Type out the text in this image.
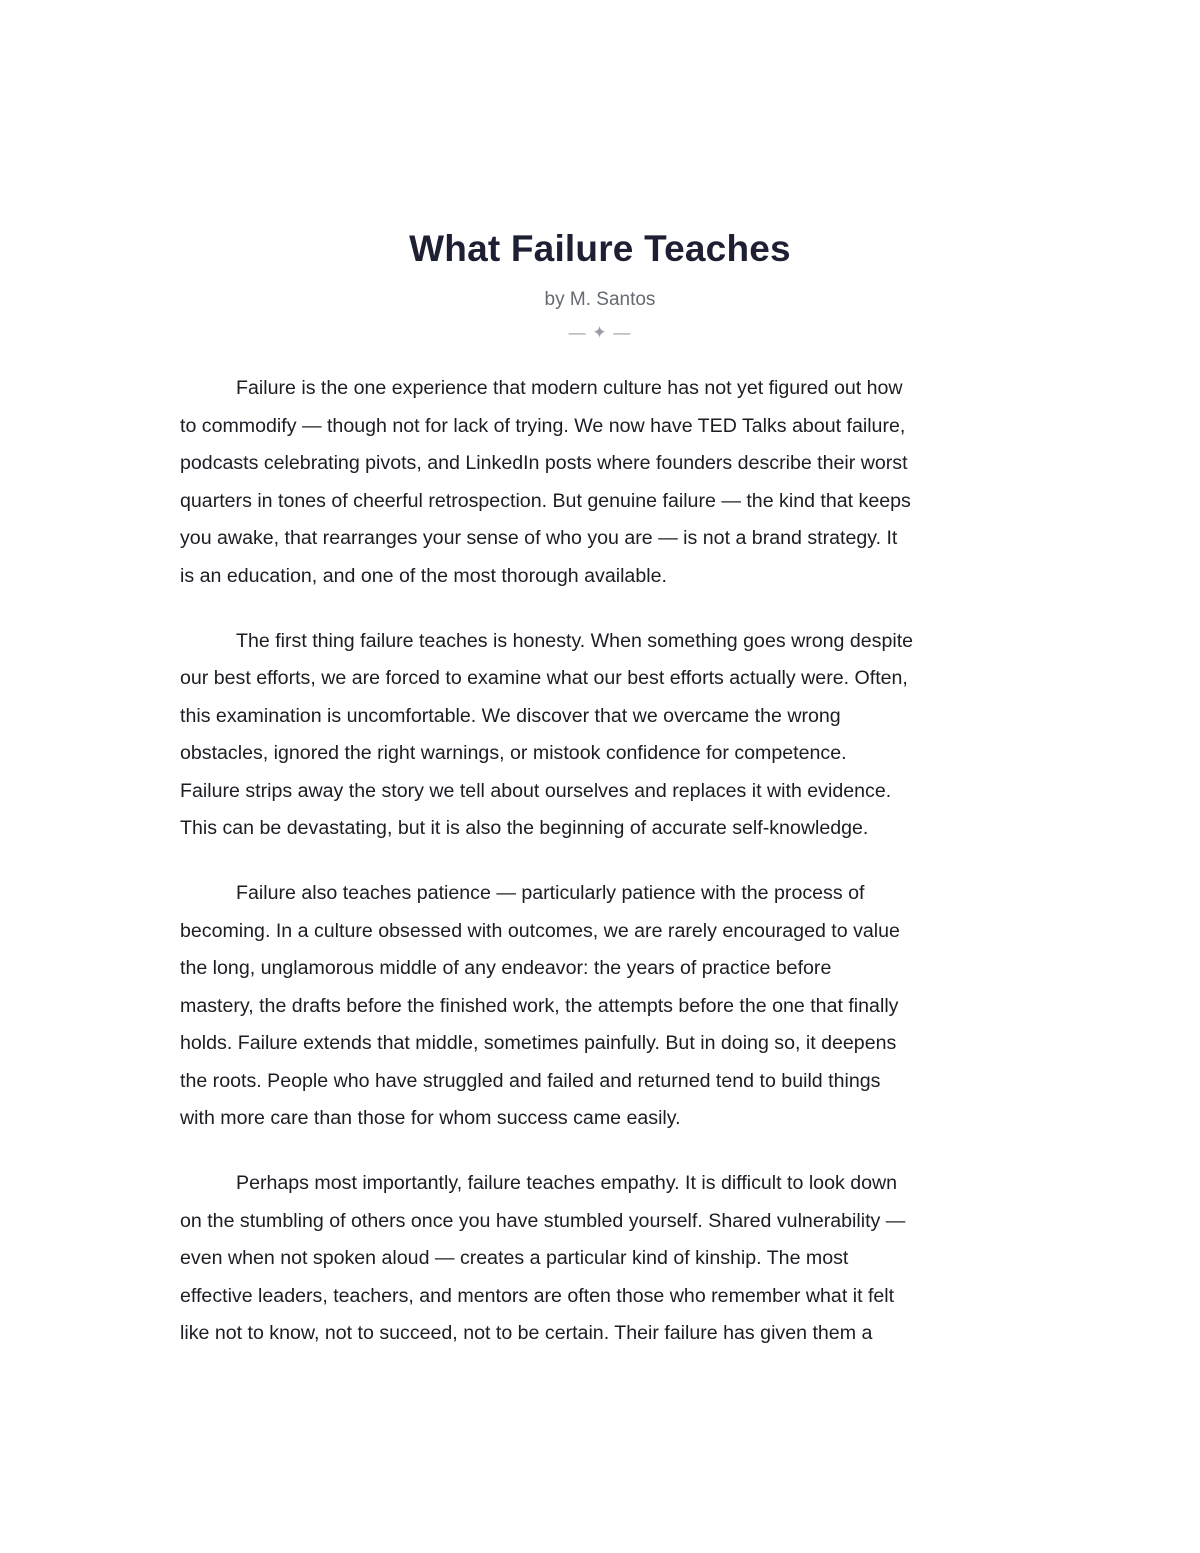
What Failure Teaches
by M. Santos
— ✦ —
Failure is the one experience that modern culture has not yet figured out how
to commodify — though not for lack of trying. We now have TED Talks about failure,
podcasts celebrating pivots, and LinkedIn posts where founders describe their worst
quarters in tones of cheerful retrospection. But genuine failure — the kind that keeps
you awake, that rearranges your sense of who you are — is not a brand strategy. It
is an education, and one of the most thorough available.
The first thing failure teaches is honesty. When something goes wrong despite
our best efforts, we are forced to examine what our best efforts actually were. Often,
this examination is uncomfortable. We discover that we overcame the wrong
obstacles, ignored the right warnings, or mistook confidence for competence.
Failure strips away the story we tell about ourselves and replaces it with evidence.
This can be devastating, but it is also the beginning of accurate self-knowledge.
Failure also teaches patience — particularly patience with the process of
becoming. In a culture obsessed with outcomes, we are rarely encouraged to value
the long, unglamorous middle of any endeavor: the years of practice before
mastery, the drafts before the finished work, the attempts before the one that finally
holds. Failure extends that middle, sometimes painfully. But in doing so, it deepens
the roots. People who have struggled and failed and returned tend to build things
with more care than those for whom success came easily.
Perhaps most importantly, failure teaches empathy. It is difficult to look down
on the stumbling of others once you have stumbled yourself. Shared vulnerability —
even when not spoken aloud — creates a particular kind of kinship. The most
effective leaders, teachers, and mentors are often those who remember what it felt
like not to know, not to succeed, not to be certain. Their failure has given them a
